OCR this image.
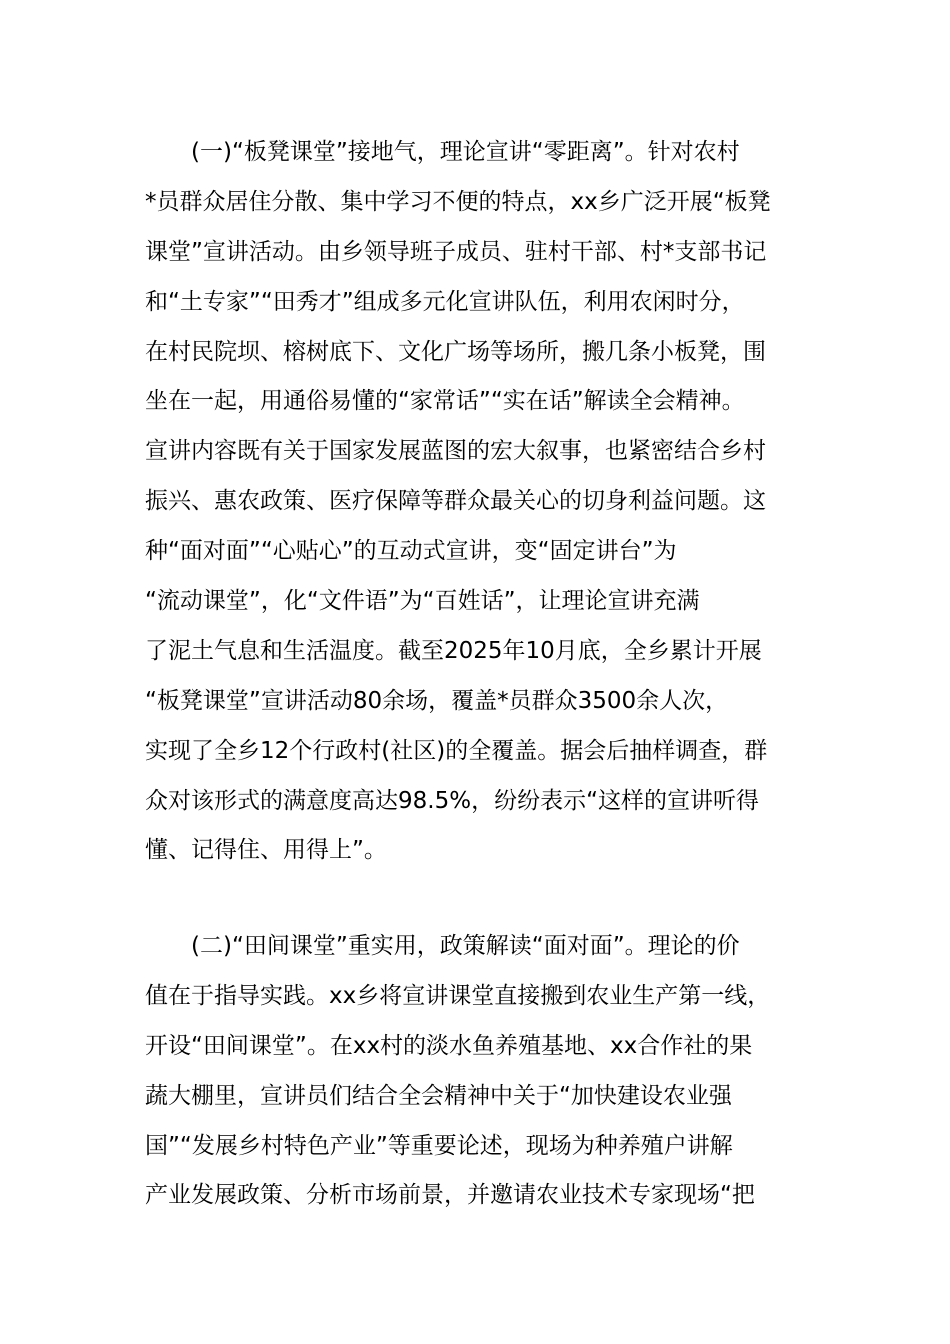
(一)“板凳课堂”接地气，理论宣讲“零距离”。针对农村
*员群众居住分散、集中学习不便的特点，xx乡广泛开展“板凳
课堂”宣讲活动。由乡领导班子成员、驻村干部、村*支部书记
和“土专家”“田秀才”组成多元化宣讲队伍，利用农闲时分，
在村民院坝、榕树底下、文化广场等场所，搬几条小板凳，围
坐在一起，用通俗易懂的“家常话”“实在话”解读全会精神。
宣讲内容既有关于国家发展蓝图的宏大叙事，也紧密结合乡村
振兴、惠农政策、医疗保障等群众最关心的切身利益问题。这
种“面对面”“心贴心”的互动式宣讲，变“固定讲台”为
“流动课堂”，化“文件语”为“百姓话”，让理论宣讲充满
了泥土气息和生活温度。截至2025年10月底，全乡累计开展
“板凳课堂”宣讲活动80余场，覆盖*员群众3500余人次，
实现了全乡12个行政村(社区)的全覆盖。据会后抽样调查，群
众对该形式的满意度高达98.5%，纷纷表示“这样的宣讲听得
懂、记得住、用得上”。
(二)“田间课堂”重实用，政策解读“面对面”。理论的价
值在于指导实践。xx乡将宣讲课堂直接搬到农业生产第一线，
开设“田间课堂”。在xx村的淡水鱼养殖基地、xx合作社的果
蔬大棚里，宣讲员们结合全会精神中关于“加快建设农业强
国”“发展乡村特色产业”等重要论述，现场为种养殖户讲解
产业发展政策、分析市场前景，并邀请农业技术专家现场“把
